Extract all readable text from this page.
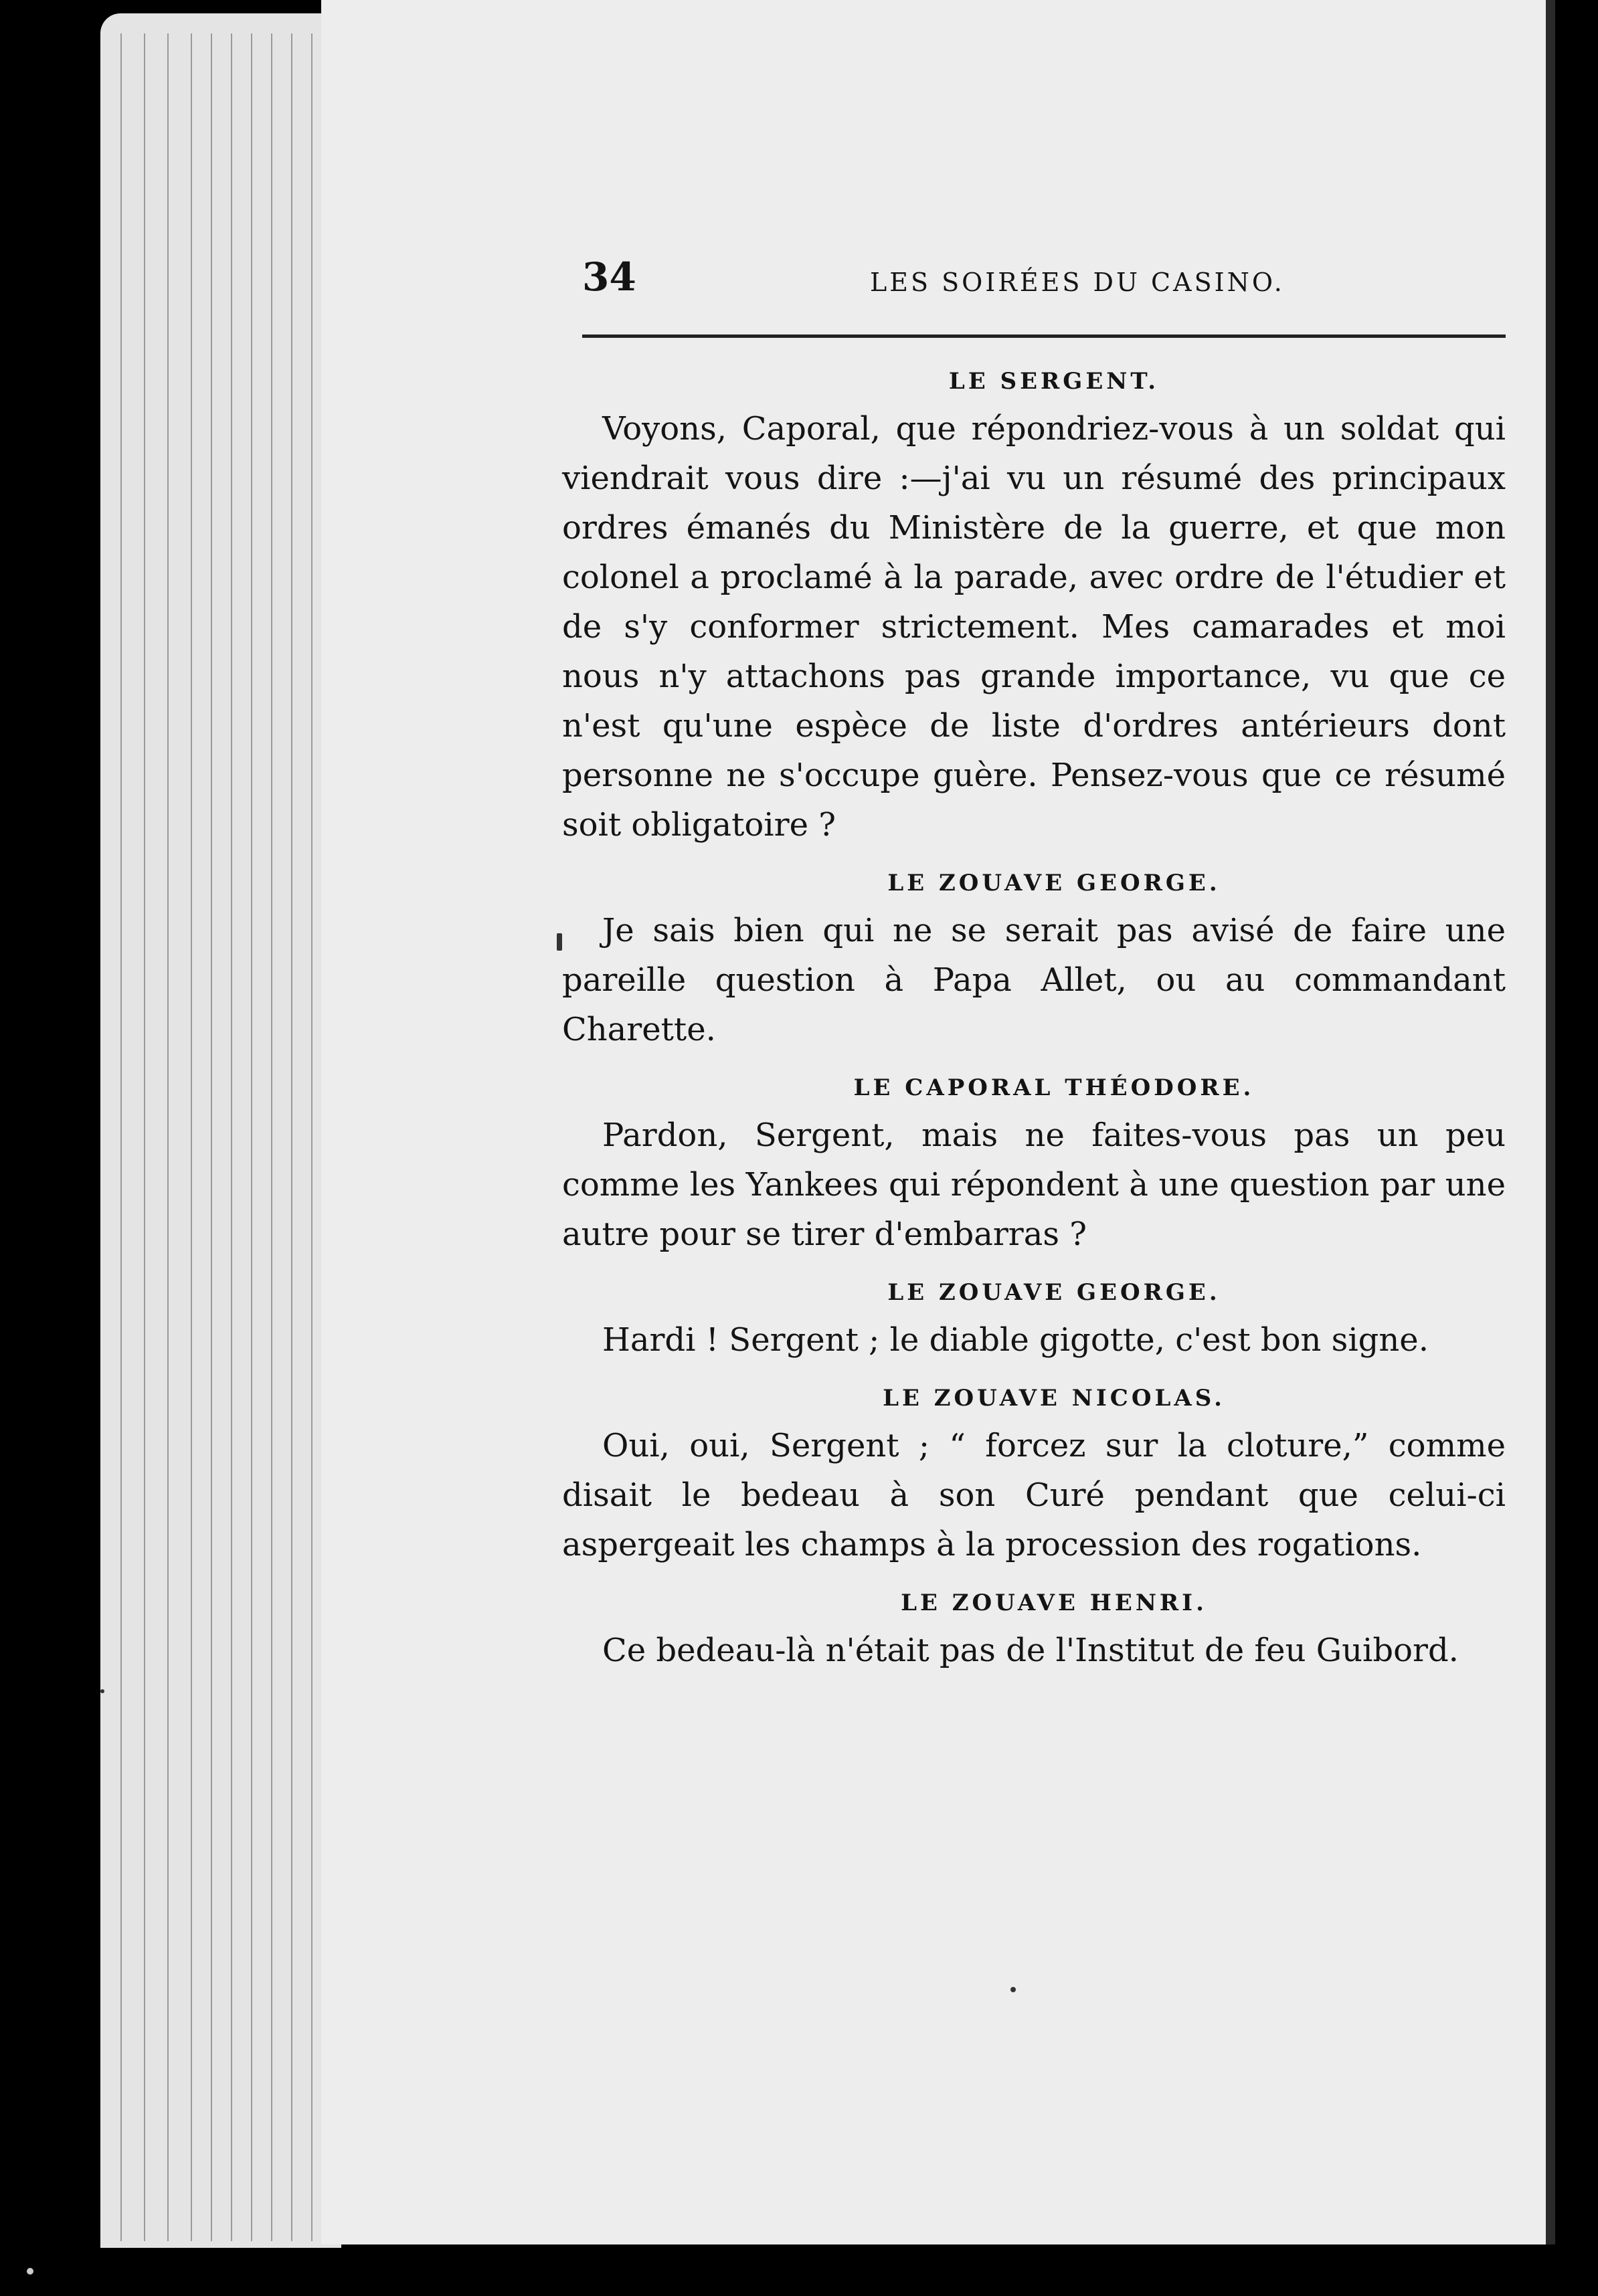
34	LES SOIRÉES DU CASINO.
LE SERGENT.

Voyons, Caporal, que répondriez-vous à un soldat qui viendrait vous dire :—j'ai vu un résumé des principaux ordres émanés du Ministère de la guerre, et que mon colonel a proclamé à la parade, avec ordre de l'étudier et de s'y conformer strictement. Mes camarades et moi nous n'y attachons pas grande importance, vu que ce n'est qu'une espèce de liste d'ordres antérieurs dont personne ne s'occupe guère. Pensez-vous que ce résumé soit obligatoire ?

LE ZOUAVE GEORGE.

Je sais bien qui ne se serait pas avisé de faire une pareille question à Papa Allet, ou au commandant Charette.

LE CAPORAL THÉODORE.

Pardon, Sergent, mais ne faites-vous pas un peu comme les Yankees qui répondent à une question par une autre pour se tirer d'embarras ?

LE ZOUAVE GEORGE.

Hardi ! Sergent ; le diable gigotte, c'est bon signe.

LE ZOUAVE NICOLAS.

Oui, oui, Sergent ; “ forcez sur la cloture,” comme disait le bedeau à son Curé pendant que celui-ci aspergeait les champs à la procession des rogations.

LE ZOUAVE HENRI.

Ce bedeau-là n'était pas de l'Institut de feu Guibord.
